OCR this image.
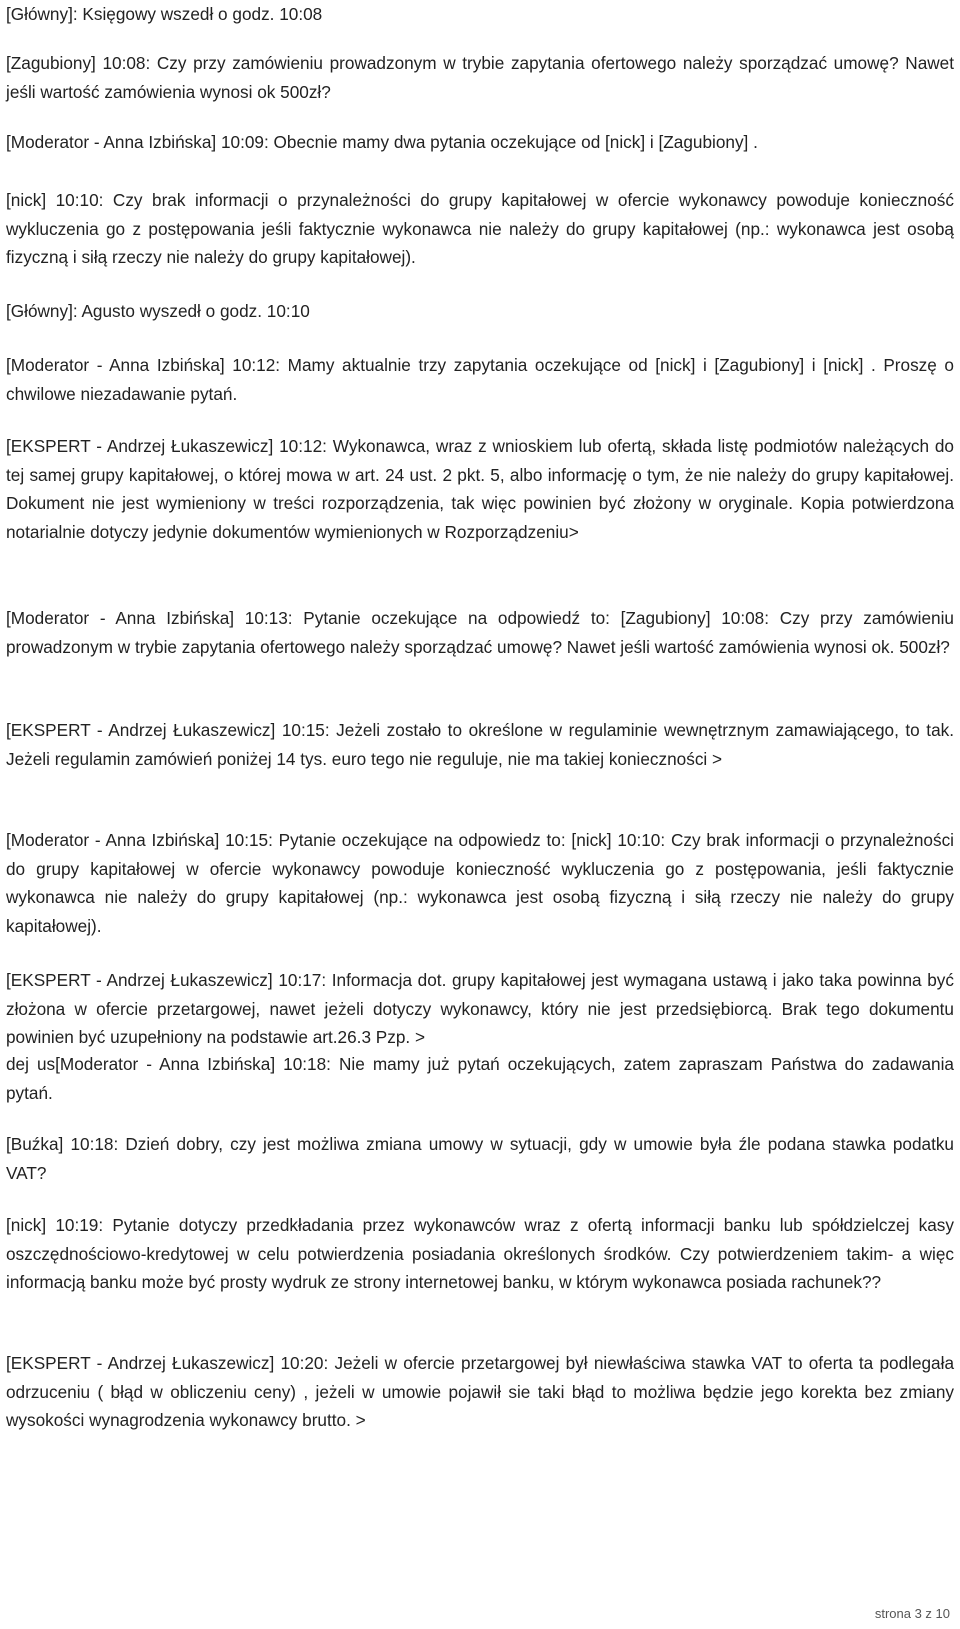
[Główny]: Księgowy wszedł o godz. 10:08

[Zagubiony] 10:08: Czy przy zamówieniu prowadzonym w trybie zapytania ofertowego należy sporządzać umowę? Nawet jeśli wartość zamówienia wynosi ok 500zł?

[Moderator - Anna Izbińska] 10:09: Obecnie mamy dwa pytania oczekujące od [nick] i [Zagubiony] .

[nick] 10:10: Czy brak informacji o przynależności do grupy kapitałowej w ofercie wykonawcy powoduje konieczność wykluczenia go z postępowania jeśli faktycznie wykonawca nie należy do grupy kapitałowej (np.: wykonawca jest osobą fizyczną i siłą rzeczy nie należy do grupy kapitałowej).

[Główny]: Agusto wyszedł o godz. 10:10

[Moderator - Anna Izbińska] 10:12: Mamy aktualnie trzy zapytania oczekujące od [nick] i [Zagubiony] i [nick] . Proszę o chwilowe niezadawanie pytań.

[EKSPERT - Andrzej Łukaszewicz] 10:12: Wykonawca, wraz z wnioskiem lub ofertą, składa listę podmiotów należących do tej samej grupy kapitałowej, o której mowa w art. 24 ust. 2 pkt. 5, albo informację o tym, że nie należy do grupy kapitałowej. Dokument nie jest wymieniony w treści rozporządzenia, tak więc powinien być złożony w oryginale. Kopia potwierdzona notarialnie dotyczy jedynie dokumentów wymienionych w Rozporządzeniu>

[Moderator - Anna Izbińska] 10:13: Pytanie oczekujące na odpowiedź to: [Zagubiony] 10:08: Czy przy zamówieniu prowadzonym w trybie zapytania ofertowego należy sporządzać umowę? Nawet jeśli wartość zamówienia wynosi ok. 500zł?

[EKSPERT - Andrzej Łukaszewicz] 10:15: Jeżeli zostało to określone w regulaminie wewnętrznym zamawiającego, to tak. Jeżeli regulamin zamówień poniżej 14 tys. euro tego nie reguluje, nie ma takiej konieczności >

[Moderator - Anna Izbińska] 10:15: Pytanie oczekujące na odpowiedz to: [nick] 10:10: Czy brak informacji o przynależności do grupy kapitałowej w ofercie wykonawcy powoduje konieczność wykluczenia go z postępowania, jeśli faktycznie wykonawca nie należy do grupy kapitałowej (np.: wykonawca jest osobą fizyczną i siłą rzeczy nie należy do grupy kapitałowej).

[EKSPERT - Andrzej Łukaszewicz] 10:17: Informacja dot. grupy kapitałowej jest wymagana ustawą i jako taka powinna być złożona w ofercie przetargowej, nawet jeżeli dotyczy wykonawcy, który nie jest przedsiębiorcą. Brak tego dokumentu powinien być uzupełniony na podstawie art.26.3 Pzp. >

dej us[Moderator - Anna Izbińska] 10:18: Nie mamy już pytań oczekujących, zatem zapraszam Państwa do zadawania pytań.

[Buźka] 10:18: Dzień dobry, czy jest możliwa zmiana umowy w sytuacji, gdy w umowie była źle podana stawka podatku VAT?

[nick] 10:19: Pytanie dotyczy przedkładania przez wykonawców wraz z ofertą informacji banku lub spółdzielczej kasy oszczędnościowo-kredytowej w celu potwierdzenia posiadania określonych środków. Czy potwierdzeniem takim- a więc informacją banku może być prosty wydruk ze strony internetowej banku, w którym wykonawca posiada rachunek??

[EKSPERT - Andrzej Łukaszewicz] 10:20: Jeżeli w ofercie przetargowej był niewłaściwa stawka VAT to oferta ta podlegała odrzuceniu ( błąd w obliczeniu ceny) , jeżeli w umowie pojawił sie taki błąd to możliwa będzie jego korekta bez zmiany wysokości wynagrodzenia wykonawcy brutto. >

strona 3 z 10
